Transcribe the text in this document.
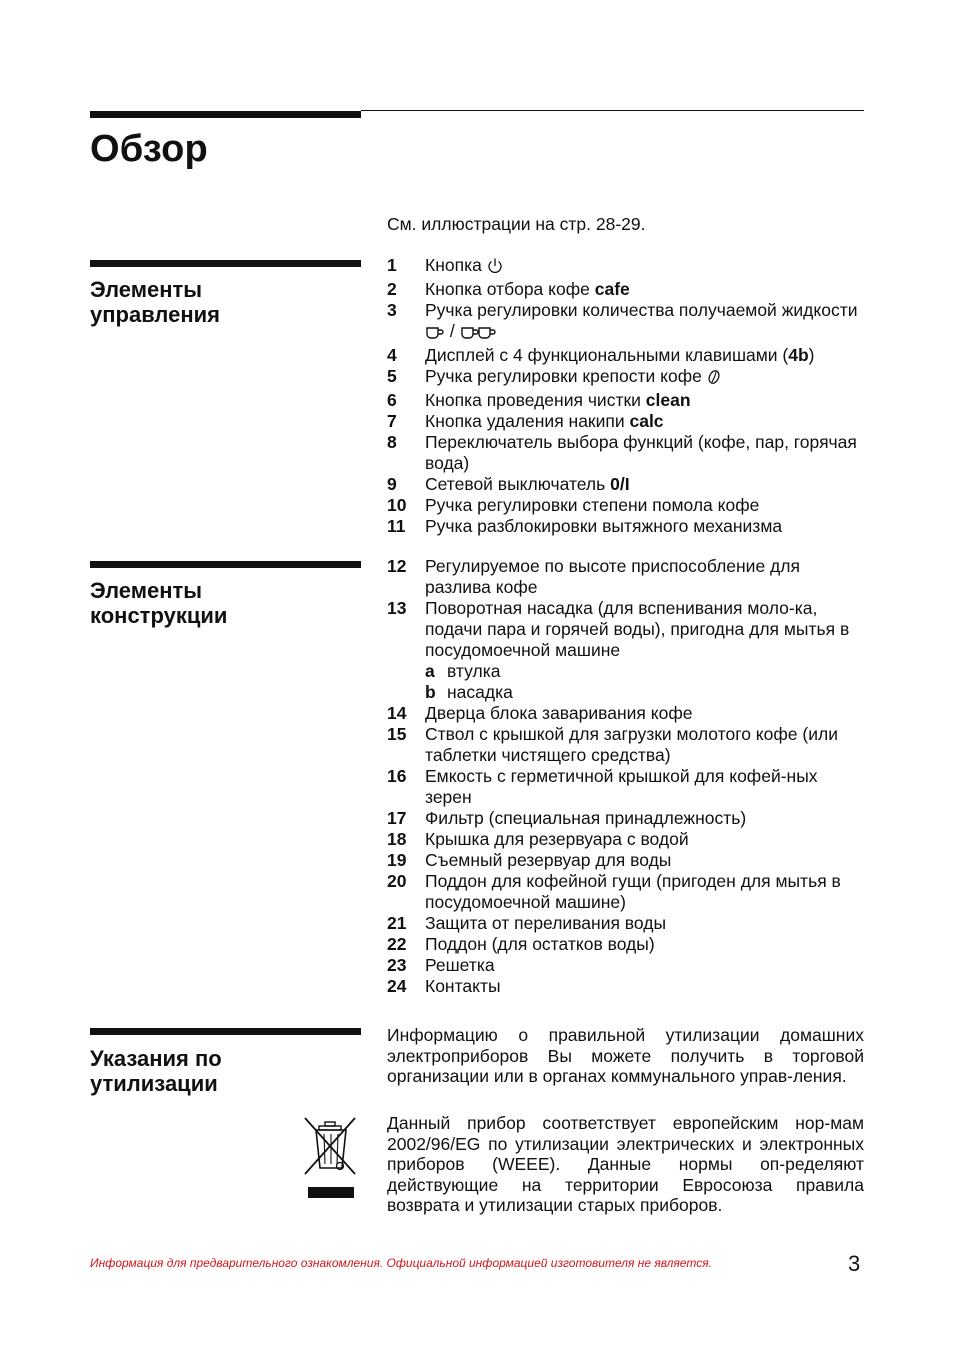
Обзор
См. иллюстрации на стр. 28-29.
Элементы
управления
1 Кнопка
2 Кнопка отбора кофе cafe
3 Ручка регулировки количества получаемой жидкости  /
4 Дисплей с 4 функциональными клавишами (4b)
5 Ручка регулировки крепости кофе
6 Кнопка проведения чистки clean
7 Кнопка удаления накипи calc
8 Переключатель выбора функций (кофе, пар, горячая вода)
9 Сетевой выключатель 0/I
10 Ручка регулировки степени помола кофе
11 Ручка разблокировки вытяжного механизма
Элементы
конструкции
12 Регулируемое по высоте приспособление для разлива кофе
13 Поворотная насадка (для вспенивания моло-ка, подачи пара и горячей воды), пригодна для мытья в посудомоечной машине
a втулка
b насадка
14 Дверца блока заваривания кофе
15 Ствол с крышкой для загрузки молотого кофе (или таблетки чистящего средства)
16 Емкость с герметичной крышкой для кофей-ных зерен
17 Фильтр (специальная принадлежность)
18 Крышка для резервуара с водой
19 Съемный резервуар для воды
20 Поддон для кофейной гущи (пригоден для мытья в посудомоечной машине)
21 Защита от переливания воды
22 Поддон (для остатков воды)
23 Решетка
24 Контакты
Указания по
утилизации

Информацию о правильной утилизации домашних электроприборов Вы можете получить в торговой организации или в органах коммунального управ-ления.

Данный прибор соответствует европейским нор-мам 2002/96/EG по утилизации электрических и электронных приборов (WEEE). Данные нормы оп-ределяют действующие на территории Евросоюза правила возврата и утилизации старых приборов.

Информация для предварительного ознакомления. Официальной информацией изготовителя не является.	3
